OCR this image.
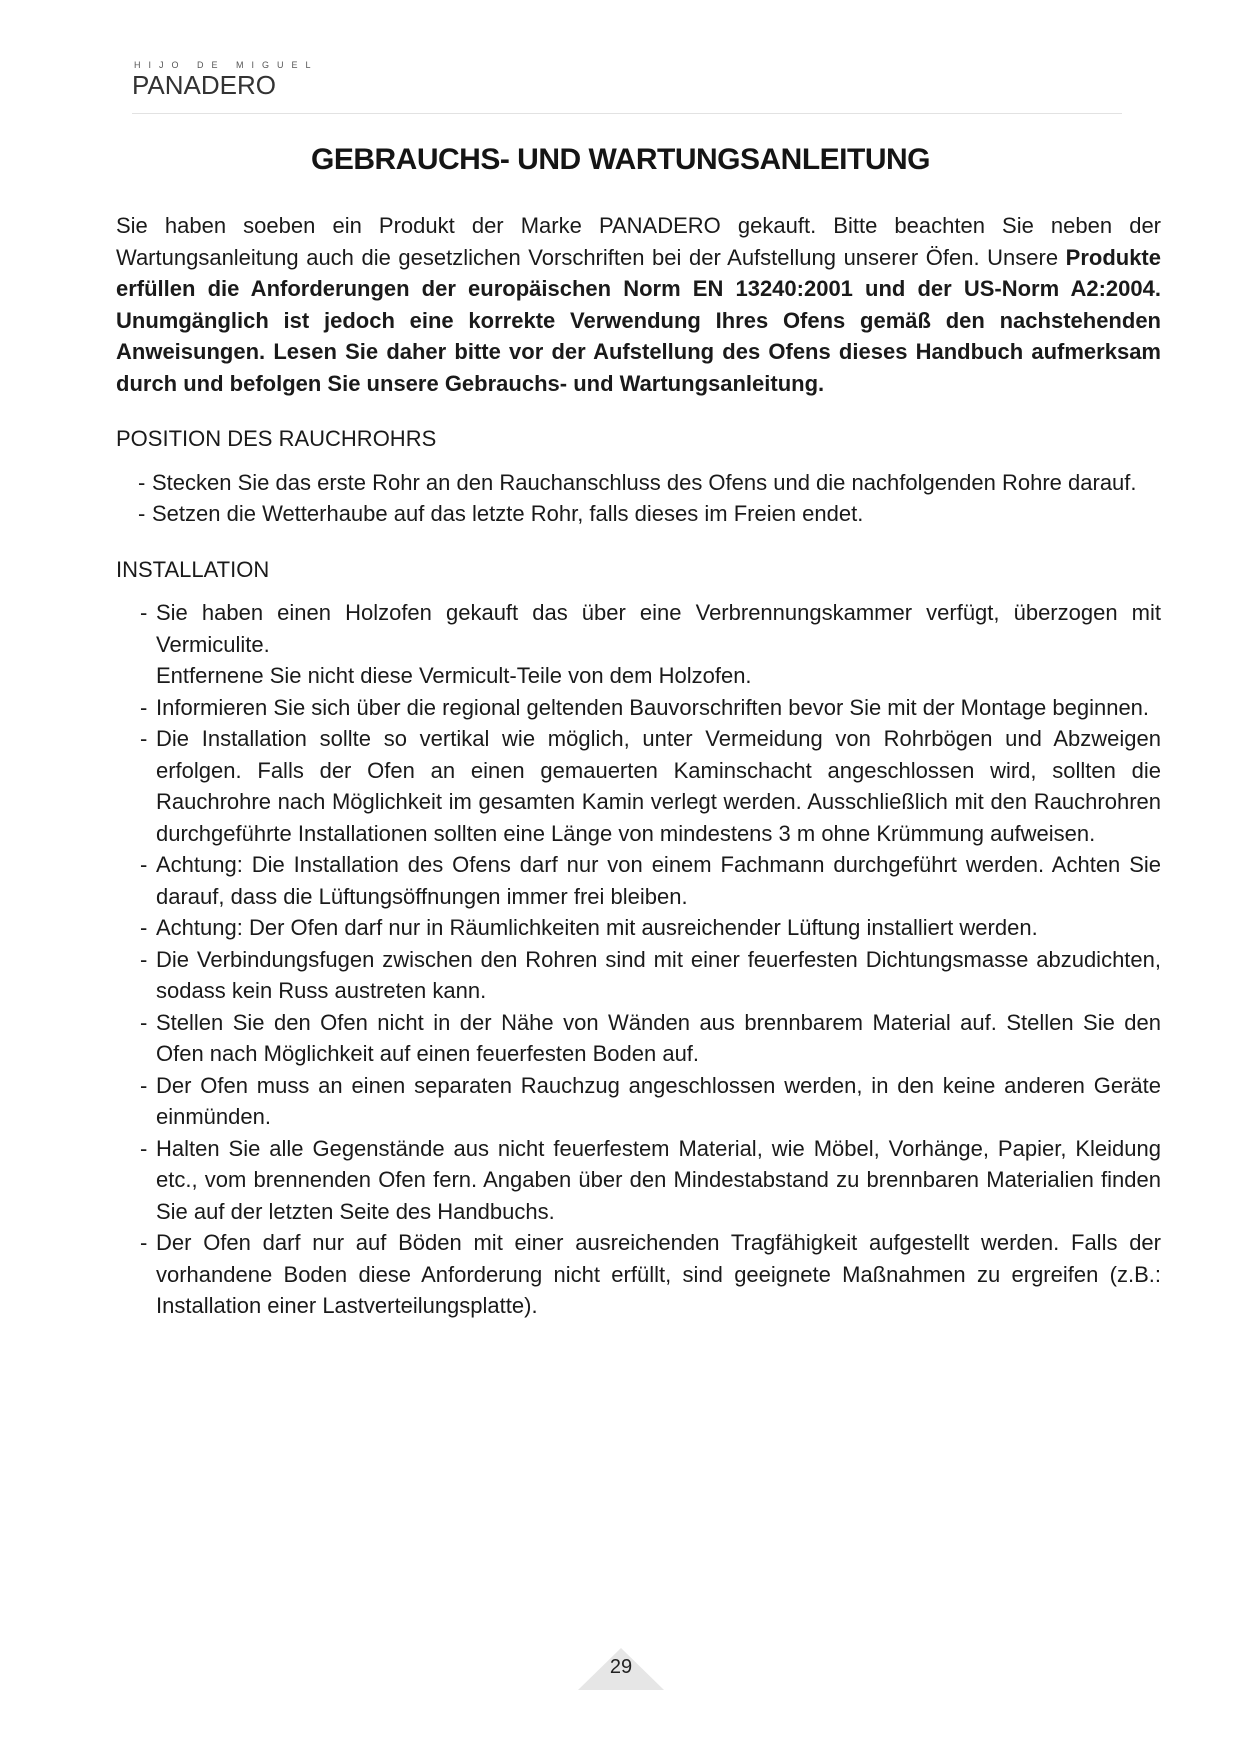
HIJO DE MIGUEL
PANADERO
GEBRAUCHS- UND WARTUNGSANLEITUNG

Sie haben soeben ein Produkt der Marke PANADERO gekauft. Bitte beachten Sie neben der Wartungsanleitung auch die gesetzlichen Vorschriften bei der Aufstellung unserer Öfen. Unsere Produkte erfüllen die Anforderungen der europäischen Norm EN 13240:2001 und der US-Norm A2:2004. Unumgänglich ist jedoch eine korrekte Verwendung Ihres Ofens gemäß den nachstehenden Anweisungen. Lesen Sie daher bitte vor der Aufstellung des Ofens dieses Handbuch aufmerksam durch und befolgen Sie unsere Gebrauchs- und Wartungsanleitung.

POSITION DES RAUCHROHRS
- Stecken Sie das erste Rohr an den Rauchanschluss des Ofens und die nachfolgenden Rohre darauf.
- Setzen die Wetterhaube auf das letzte Rohr, falls dieses im Freien endet.
INSTALLATION
- Sie haben einen Holzofen gekauft das über eine Verbrennungskammer verfügt, überzogen mit Vermiculite.
Entfernene Sie nicht diese Vermicult-Teile von dem Holzofen.
- Informieren Sie sich über die regional geltenden Bauvorschriften bevor Sie mit der Montage beginnen.
- Die Installation sollte so vertikal wie möglich, unter Vermeidung von Rohrbögen und Abzweigen erfolgen. Falls der Ofen an einen gemauerten Kaminschacht angeschlossen wird, sollten die Rauchrohre nach Möglichkeit im gesamten Kamin verlegt werden. Ausschließlich mit den Rauchrohren durchgeführte Installationen sollten eine Länge von mindestens 3 m ohne Krümmung aufweisen.
- Achtung: Die Installation des Ofens darf nur von einem Fachmann durchgeführt werden. Achten Sie darauf, dass die Lüftungsöffnungen immer frei bleiben.
- Achtung: Der Ofen darf nur in Räumlichkeiten mit ausreichender Lüftung installiert werden.
- Die Verbindungsfugen zwischen den Rohren sind mit einer feuerfesten Dichtungsmasse abzudichten, sodass kein Russ austreten kann.
- Stellen Sie den Ofen nicht in der Nähe von Wänden aus brennbarem Material auf. Stellen Sie den Ofen nach Möglichkeit auf einen feuerfesten Boden auf.
- Der Ofen muss an einen separaten Rauchzug angeschlossen werden, in den keine anderen Geräte einmünden.
- Halten Sie alle Gegenstände aus nicht feuerfestem Material, wie Möbel, Vorhänge, Papier, Kleidung etc., vom brennenden Ofen fern. Angaben über den Mindestabstand zu brennbaren Materialien finden Sie auf der letzten Seite des Handbuchs.
- Der Ofen darf nur auf Böden mit einer ausreichenden Tragfähigkeit aufgestellt werden. Falls der vorhandene Boden diese Anforderung nicht erfüllt, sind geeignete Maßnahmen zu ergreifen (z.B.: Installation einer Lastverteilungsplatte).
29
